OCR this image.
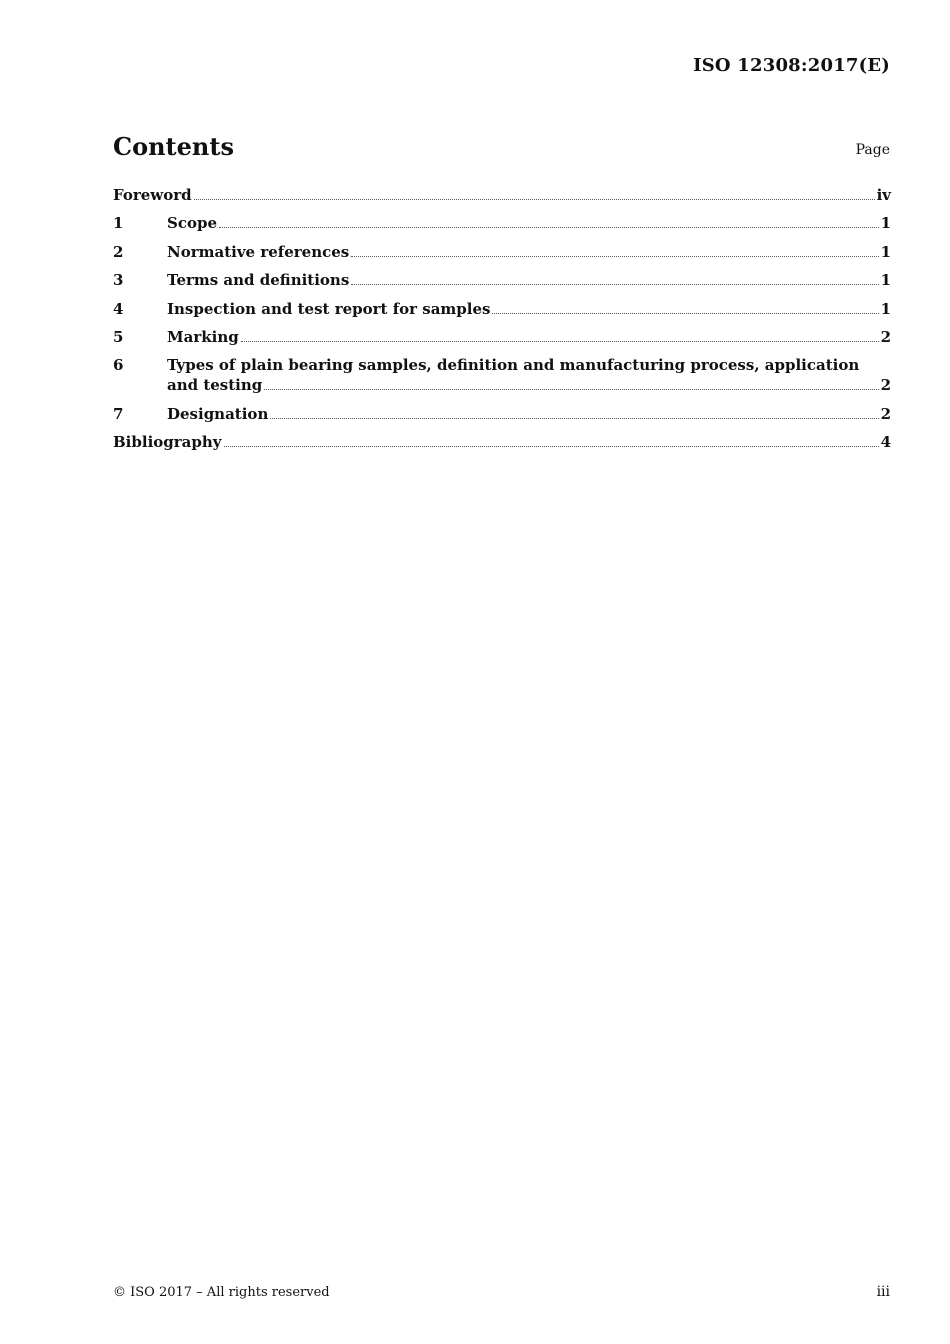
ISO 12308:2017(E)
Contents	Page
Foreword	iv
1	Scope	1
2	Normative references	1
3	Terms and definitions	1
4	Inspection and test report for samples	1
5	Marking	2
6	Types of plain bearing samples, definition and manufacturing process, application
and testing	2
7	Designation	2
Bibliography	4
© ISO 2017 – All rights reserved	iii
